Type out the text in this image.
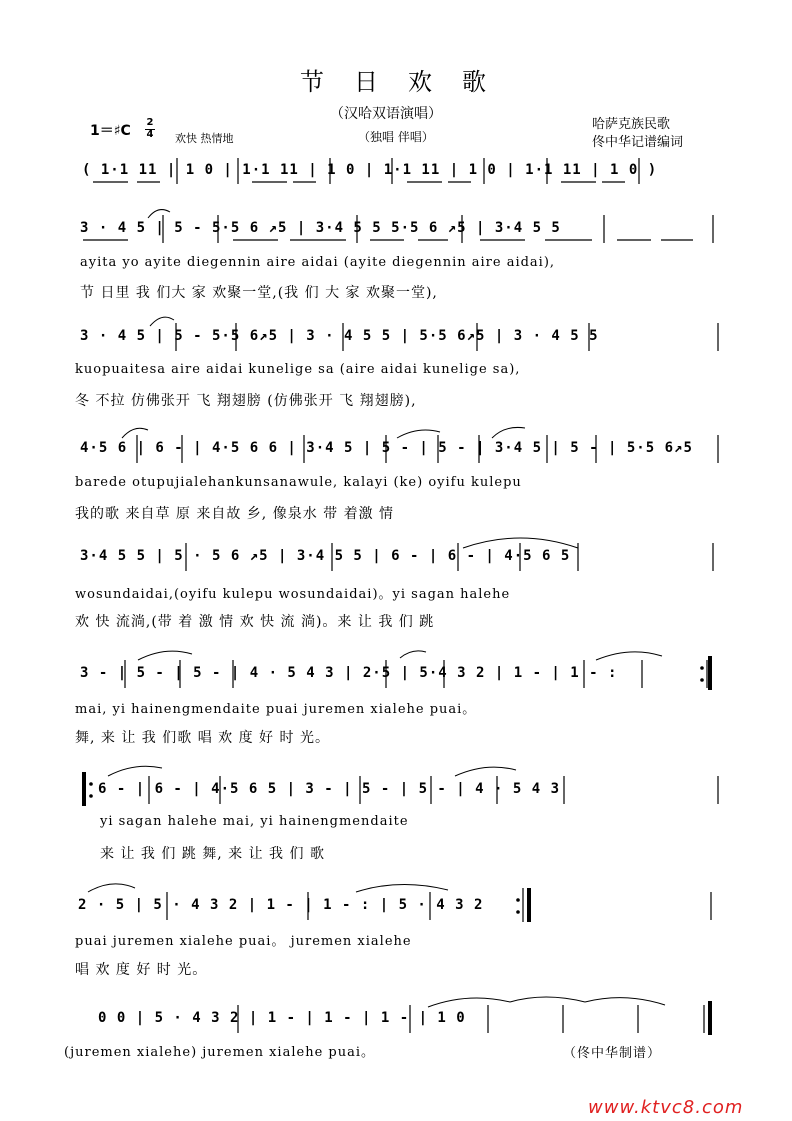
节日欢歌
（汉哈双语演唱）
（独唱 伴唱）
哈萨克族民歌
佟中华记谱编词
1＝♯C
2
4 欢快 热情地
( 1·1 11 | 1 0 | 1·1 11 | 1 0 | 1·1 11 | 1 0 | 1·1 11 | 1 0 )
3 · 4 5 | 5 - 5·5 6 ↗5 | 3·4 5 5 5·5 6 ↗5 | 3·4 5 5
ayita yo ayite diegennin aire aidai (ayite diegennin aire aidai),
节 日里 我 们大 家 欢聚一堂,(我 们 大 家 欢聚一堂),
3 · 4 5 | 5 - 5·5 6↗5 | 3 · 4 5 5 | 5·5 6↗5 | 3 · 4 5 5
kuopuaitesa aire aidai kunelige sa (aire aidai kunelige sa),
冬 不拉 仿佛张开 飞 翔翅膀 (仿佛张开 飞 翔翅膀),
4·5 6 | 6 - | 4·5 6 6 | 3·4 5 | 5 - | 5 - | 3·4 5 | 5 - | 5·5 6↗5
barede otupujialehankunsanawule, kalayi (ke) oyifu kulepu
我的歌 来自草 原 来自故 乡, 像泉水 带 着激 情
3·4 5 5 | 5 · 5 6 ↗5 | 3·4 5 5 | 6 - | 6 - | 4·5 6 5
wosundaidai,(oyifu kulepu wosundaidai)。yi sagan halehe
欢 快 流淌,(带 着 激 情 欢 快 流 淌)。来 让 我 们 跳
3 - | 5 - | 5 - | 4 · 5 4 3 | 2·5 | 5·4 3 2 | 1 - | 1 - :
mai, yi hainengmendaite puai juremen xialehe puai。
舞, 来 让 我 们歌 唱 欢 度 好 时 光。
6 - | 6 - | 4·5 6 5 | 3 - | 5 - | 5 - | 4 · 5 4 3
yi sagan halehe mai, yi hainengmendaite
来 让 我 们 跳 舞, 来 让 我 们 歌
2 · 5 | 5 · 4 3 2 | 1 - | 1 - : | 5 · 4 3 2
puai juremen xialehe puai。 juremen xialehe
唱 欢 度 好 时 光。
0 0 | 5 · 4 3 2 | 1 - | 1 - | 1 - | 1 0
(juremen xialehe) juremen xialehe puai。	（佟中华制谱）
www.ktvc8.com
